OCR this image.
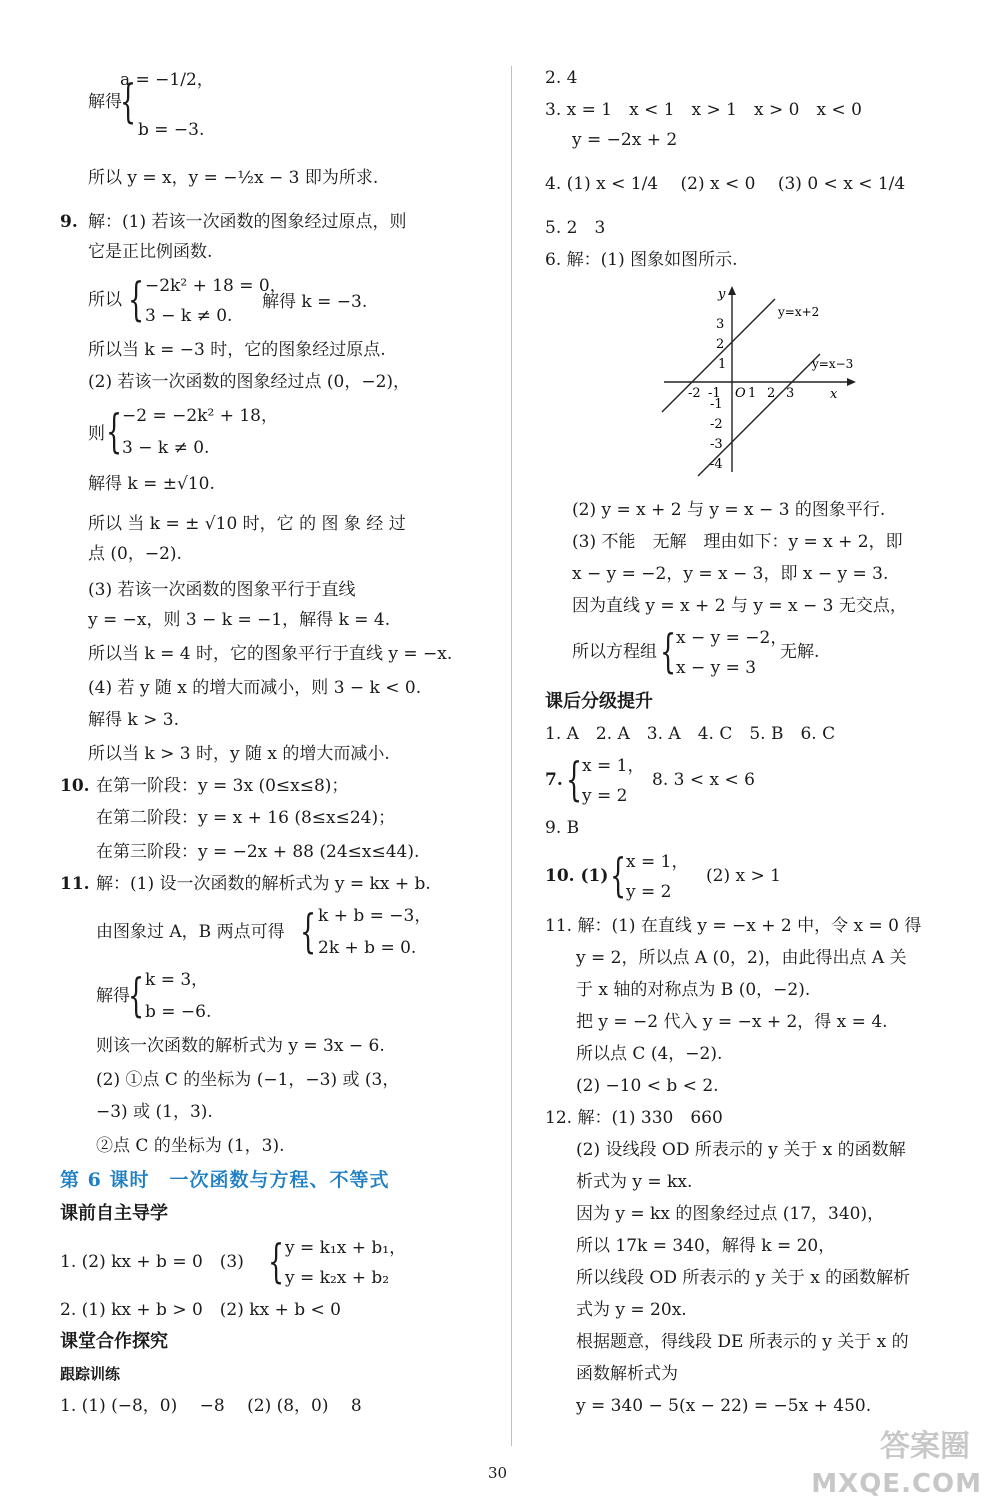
a = −1/2，
解得
{
b = −3.
所以 y = x，y = −½x − 3 即为所求.
9. 解：(1) 若该一次函数的图象经过原点，则
它是正比例函数.
所以 { −2k² + 18 = 0，
3 − k ≠ 0.
解得 k = −3.
所以当 k = −3 时，它的图象经过原点.
(2) 若该一次函数的图象经过点 (0，−2)，
则 { −2 = −2k² + 18，
3 − k ≠ 0.
解得 k = ±√10.
所以 当 k = ± √10 时，它 的 图 象 经 过
点 (0，−2).
(3) 若该一次函数的图象平行于直线
y = −x，则 3 − k = −1，解得 k = 4.
所以当 k = 4 时，它的图象平行于直线 y = −x.
(4) 若 y 随 x 的增大而减小，则 3 − k < 0.
解得 k > 3.
所以当 k > 3 时，y 随 x 的增大而减小.
10. 在第一阶段：y = 3x (0≤x≤8)；
在第二阶段：y = x + 16 (8≤x≤24)；
在第三阶段：y = −2x + 88 (24≤x≤44).
11. 解：(1) 设一次函数的解析式为 y = kx + b.
由图象过 A，B 两点可得 { k + b = −3，
2k + b = 0.
解得
{ k = 3，
b = −6.
则该一次函数的解析式为 y = 3x − 6.
(2) ①点 C 的坐标为 (−1，−3) 或 (3，
−3) 或 (1，3).
②点 C 的坐标为 (1，3).
第 6 课时　一次函数与方程、不等式
课前自主导学
1. (2) kx + b = 0　(3) { y = k₁x + b₁，
y = k₂x + b₂
2. (1) kx + b > 0　(2) kx + b < 0
课堂合作探究
跟踪训练
1. (1) (−8，0)　 −8　 (2) (8，0)　 8
2. 4
3. x = 1　x < 1　x > 1　x > 0　x < 0
y = −2x + 2
4. (1) x < 1/4　 (2) x < 0　 (3) 0 < x < 1/4
5. 2　3
6. 解：(1) 图象如图所示.
y=x+2
y=x−3
x
y
O
-2 -1 1 2 3
3
2
1
-1
-2
-3
-4
(2) y = x + 2 与 y = x − 3 的图象平行.
(3) 不能　无解　理由如下：y = x + 2，即
x − y = −2，y = x − 3，即 x − y = 3.
因为直线 y = x + 2 与 y = x − 3 无交点，
所以方程组 { x − y = −2，
x − y = 3
无解.
课后分级提升
1. A　2. A　3. A　4. C　5. B　6. C
7. { x = 1，
y = 2
8. 3 < x < 6
9. B
10. (1) { x = 1，
y = 2
(2) x > 1
11. 解：(1) 在直线 y = −x + 2 中，令 x = 0 得
y = 2，所以点 A (0，2)，由此得出点 A 关
于 x 轴的对称点为 B (0，−2).
把 y = −2 代入 y = −x + 2，得 x = 4.
所以点 C (4，−2).
(2) −10 < b < 2.
12. 解：(1) 330　660
(2) 设线段 OD 所表示的 y 关于 x 的函数解
析式为 y = kx.
因为 y = kx 的图象经过点 (17，340)，
所以 17k = 340，解得 k = 20，
所以线段 OD 所表示的 y 关于 x 的函数解析
式为 y = 20x.
根据题意，得线段 DE 所表示的 y 关于 x 的
函数解析式为
y = 340 − 5(x − 22) = −5x + 450.
30
答案圈
MXQE.COM
